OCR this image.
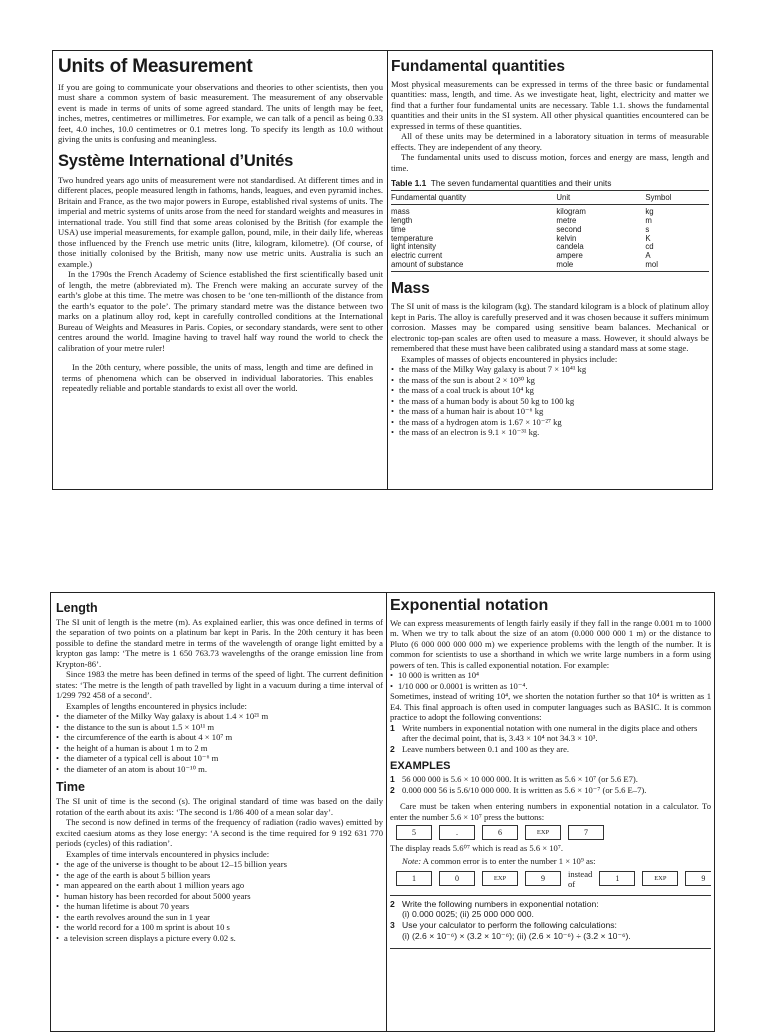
Units of Measurement

If you are going to communicate your observations and theories to other scientists, then you must share a common system of basic measurement. The measurement of any observable event is made in terms of units of some agreed standard. The units of length may be feet, inches, metres, centimetres or millimetres. For example, we can talk of a pencil as being 0.33 feet, 4.0 inches, 10.0 centimetres or 0.1 metres long. To specify its length as 10.0 without giving the units is confusing and meaningless.

Système International d’Unités

Two hundred years ago units of measurement were not standardised. At different times and in different places, people measured length in fathoms, hands, leagues, and even pyramid inches. Britain and France, as the two major powers in Europe, established rival systems of units. The imperial and metric systems of units arose from the need for standard weights and measures in international trade. You still find that some areas colonised by the British (for example the USA) use imperial measurements, for example gallon, pound, mile, in their daily life, whereas those influenced by the French use metric units (litre, kilogram, kilometre). (Of course, of those initially colonised by the British, many now use metric units. Australia is such an example.)

In the 1790s the French Academy of Science established the first scientifically based unit of length, the metre (abbreviated m). The French were making an accurate survey of the earth’s globe at this time. The metre was chosen to be ‘one ten-millionth of the distance from the earth’s equator to the pole’. The primary standard metre was the distance between two marks on a platinum alloy rod, kept in carefully controlled conditions at the International Bureau of Weights and Measures in Paris. Copies, or secondary standards, were sent to other centres around the world. Imagine having to travel half way round the world to check the calibration of your metre ruler!

In the 20th century, where possible, the units of mass, length and time are defined in terms of phenomena which can be observed in individual laboratories. This enables repeatedly reliable and portable standards to exist all over the world.

Fundamental quantities

Most physical measurements can be expressed in terms of the three basic or fundamental quantities: mass, length, and time. As we investigate heat, light, electricity and matter we find that a further four fundamental units are necessary. Table 1.1. shows the fundamental quantities and their units in the SI system. All other physical quantities encountered can be expressed in terms of these quantities.

All of these units may be determined in a laboratory situation in terms of measurable effects. They are independent of any theory.

The fundamental units used to discuss motion, forces and energy are mass, length and time.

Table 1.1 The seven fundamental quantities and their units
Fundamental quantity	Unit	Symbol
mass	kilogram	kg
length	metre	m
time	second	s
temperature	kelvin	K
light intensity	candela	cd
electric current	ampere	A
amount of substance	mole	mol
Mass

The SI unit of mass is the kilogram (kg). The standard kilogram is a block of platinum alloy kept in Paris. The alloy is carefully preserved and it was chosen because it suffers minimum corrosion. Masses may be compared using sensitive beam balances. Mechanical or electronic top-pan scales are often used to measure a mass. However, it should always be remembered that these must have been calibrated using a standard mass at some stage.

Examples of masses of objects encountered in physics include:

• the mass of the Milky Way galaxy is about 7 × 10⁴¹ kg
• the mass of the sun is about 2 × 10³⁰ kg
• the mass of a coal truck is about 10⁴ kg
• the mass of a human body is about 50 kg to 100 kg
• the mass of a human hair is about 10⁻⁶ kg
• the mass of a hydrogen atom is 1.67 × 10⁻²⁷ kg
• the mass of an electron is 9.1 × 10⁻³¹ kg.
Length

The SI unit of length is the metre (m). As explained earlier, this was once defined in terms of the separation of two points on a platinum bar kept in Paris. In the 20th century it has been possible to define the standard metre in terms of the wavelength of orange light emitted by a krypton gas lamp: ‘The metre is 1 650 763.73 wavelengths of the orange emission line from Krypton-86’.

Since 1983 the metre has been defined in terms of the speed of light. The current definition states: ‘The metre is the length of path travelled by light in a vacuum during a time interval of 1/299 792 458 of a second’.

Examples of lengths encountered in physics include:

• the diameter of the Milky Way galaxy is about 1.4 × 10²¹ m
• the distance to the sun is about 1.5 × 10¹¹ m
• the circumference of the earth is about 4 × 10⁷ m
• the height of a human is about 1 m to 2 m
• the diameter of a typical cell is about 10⁻⁶ m
• the diameter of an atom is about 10⁻¹⁰ m.
Time

The SI unit of time is the second (s). The original standard of time was based on the daily rotation of the earth about its axis: ‘The second is 1/86 400 of a mean solar day’.

The second is now defined in terms of the frequency of radiation (radio waves) emitted by excited caesium atoms as they lose energy: ‘A second is the time required for 9 192 631 770 periods (cycles) of this radiation’.

Examples of time intervals encountered in physics include:

• the age of the universe is thought to be about 12–15 billion years
• the age of the earth is about 5 billion years
• man appeared on the earth about 1 million years ago
• human history has been recorded for about 5000 years
• the human lifetime is about 70 years
• the earth revolves around the sun in 1 year
• the world record for a 100 m sprint is about 10 s
• a television screen displays a picture every 0.02 s.
Exponential notation

We can express measurements of length fairly easily if they fall in the range 0.001 m to 1000 m. When we try to talk about the size of an atom (0.000 000 000 1 m) or the distance to Pluto (6 000 000 000 000 m) we experience problems with the length of the number. It is common for scientists to use a shorthand in which we write large numbers in a form using powers of ten. This is called exponential notation. For example:

• 10 000 is written as 10⁴
• 1/10 000 or 0.0001 is written as 10⁻⁴.

Sometimes, instead of writing 10⁴, we shorten the notation further so that 10⁴ is written as 1 E4. This final approach is often used in computer languages such as BASIC. It is common practice to adopt the following conventions:

1 Write numbers in exponential notation with one numeral in the digits place and others after the decimal point, that is, 3.43 × 10⁴ not 34.3 × 10³.
2 Leave numbers between 0.1 and 100 as they are.
EXAMPLES
1 56 000 000 is 5.6 × 10 000 000. It is written as 5.6 × 10⁷ (or 5.6 E7).
2 0.000 000 56 is 5.6/10 000 000. It is written as 5.6 × 10⁻⁷ (or 5.6 E–7).

Care must be taken when entering numbers in exponential notation in a calculator. To enter the number 5.6 × 10⁷ press the buttons:

5	.	6	EXP	7

The display reads 5.6⁰⁷ which is read as 5.6 × 10⁷.

Note: A common error is to enter the number 1 × 10⁹ as:
1	0	EXP	9	instead of	1	EXP	9
2 Write the following numbers in exponential notation:
(i) 0.000 0025; (ii) 25 000 000 000.
3 Use your calculator to perform the following calculations:
(i) (2.6 × 10⁻⁶) × (3.2 × 10⁻⁶); (ii) (2.6 × 10⁻⁶) ÷ (3.2 × 10⁻⁶).
